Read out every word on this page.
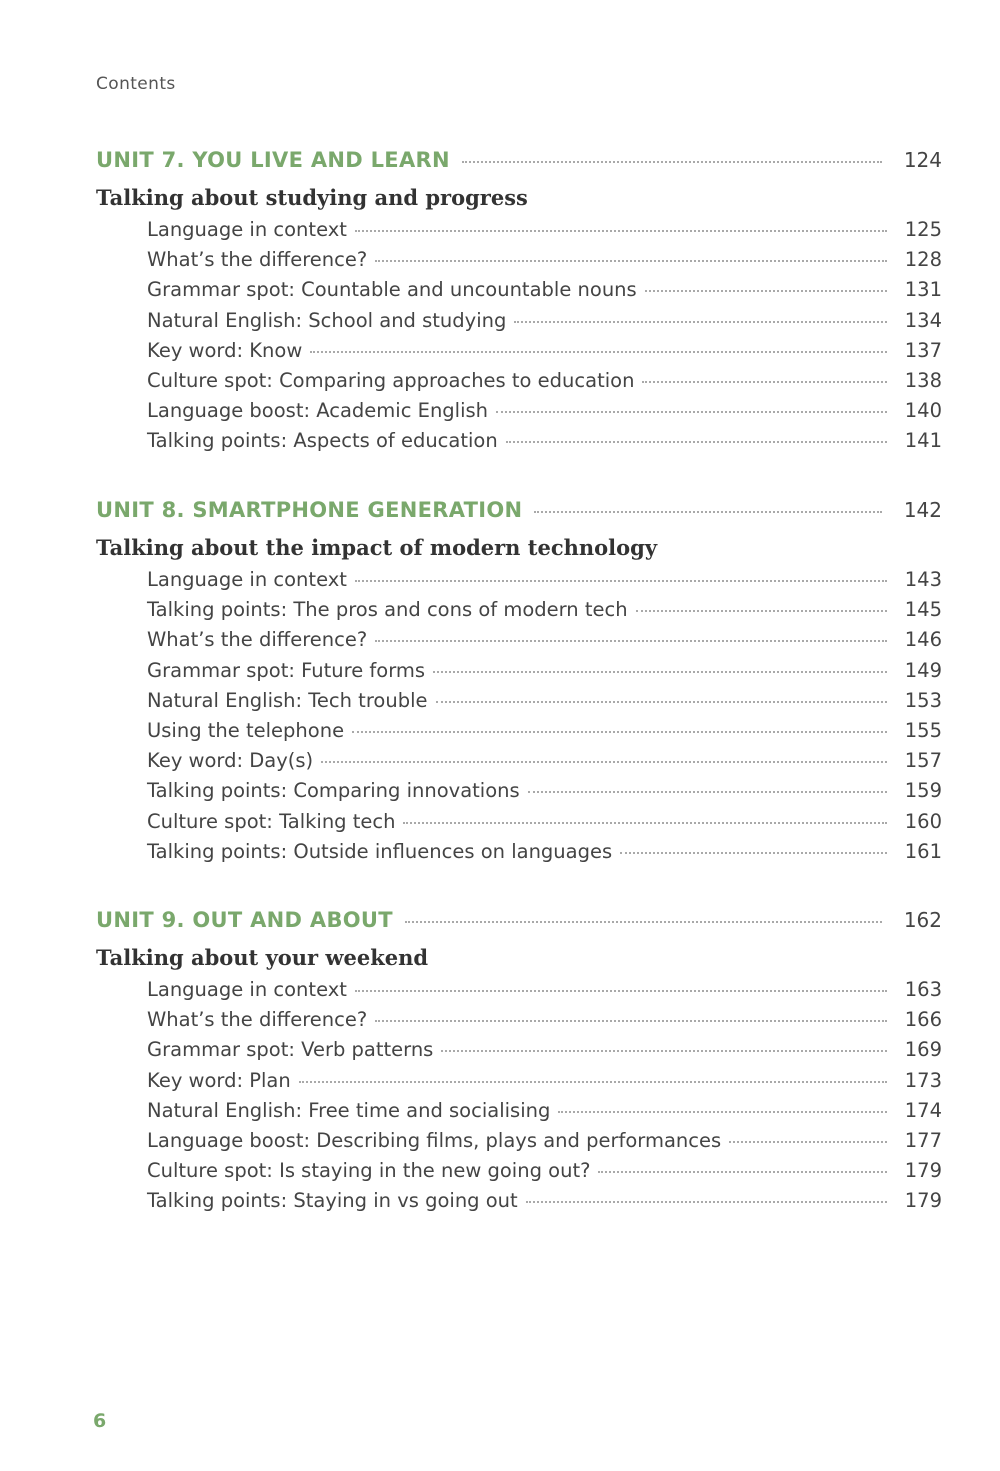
Contents
UNIT 7. YOU LIVE AND LEARN	124
Talking about studying and progress
Language in context	125
What’s the difference?	128
Grammar spot: Countable and uncountable nouns	131
Natural English: School and studying	134
Key word: Know	137
Culture spot: Comparing approaches to education	138
Language boost: Academic English	140
Talking points: Aspects of education	141
UNIT 8. SMARTPHONE GENERATION	142
Talking about the impact of modern technology
Language in context	143
Talking points: The pros and cons of modern tech	145
What’s the difference?	146
Grammar spot: Future forms	149
Natural English: Tech trouble	153
Using the telephone	155
Key word: Day(s)	157
Talking points: Comparing innovations	159
Culture spot: Talking tech	160
Talking points: Outside influences on languages	161
UNIT 9. OUT AND ABOUT	162
Talking about your weekend
Language in context	163
What’s the difference?	166
Grammar spot: Verb patterns	169
Key word: Plan	173
Natural English: Free time and socialising	174
Language boost: Describing films, plays and performances	177
Culture spot: Is staying in the new going out?	179
Talking points: Staying in vs going out	179
6
